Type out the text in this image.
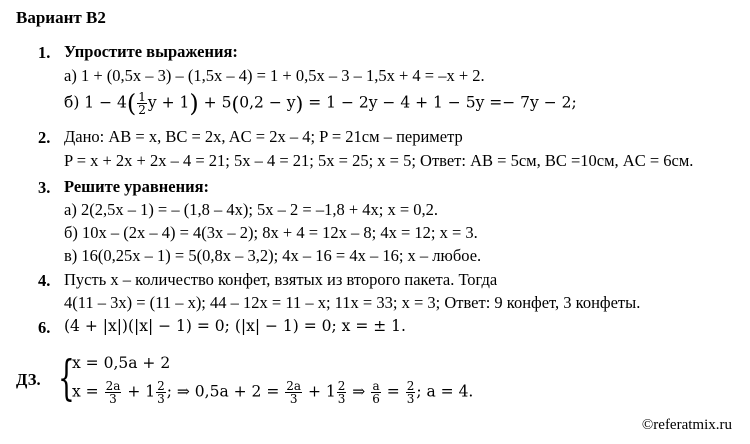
Вариант В2
1. Упростите выражения:
а) 1 + (0,5x – 3) – (1,5x – 4) = 1 + 0,5x – 3 – 1,5x + 4 = –x + 2.
б) $1 - 4( \frac{1}{2}$ y + 1) + 5(0,2 − y) = 1 − 2y − 4 + 1 − 5y =− 7y − 2;
2. Дано: AB = x, BC = 2x, AC = 2x – 4; P = 21см – периметр
P = x + 2x + 2x – 4 = 21; 5x – 4 = 21; 5x = 25; x = 5; Ответ: AB = 5см, BC =10см, AC = 6см.
3. Решите уравнения:
а) 2(2,5x – 1) = – (1,8 – 4x); 5x – 2 = –1,8 + 4x; x = 0,2.
б) 10x – (2x – 4) = 4(3x – 2); 8x + 4 = 12x – 8; 4x = 12; x = 3.
в) 16(0,25x – 1) = 5(0,8x – 3,2); 4x – 16 = 4x – 16; x – любое.
4. Пусть x – количество конфет, взятых из второго пакета. Тогда
4(11 – 3x) = (11 – x); 44 – 12x = 11 – x; 11x = 33; x = 3; Ответ: 9 конфет, 3 конфеты.
6. (4 + |x|)(|x| − 1) = 0; (|x| − 1) = 0; x = ± 1.
ДЗ. {
x = 0,5a + 2
$x = \frac{2a}{3} + 1 \frac{2}{3}$ ; ⇒ $0,5a + 2 = \frac{2a}{3} + 1 \frac{2}{3}$ ⇒ $\frac{a}{6} = \frac{2}{3}$ ; a = 4.
©referatmix.ru
